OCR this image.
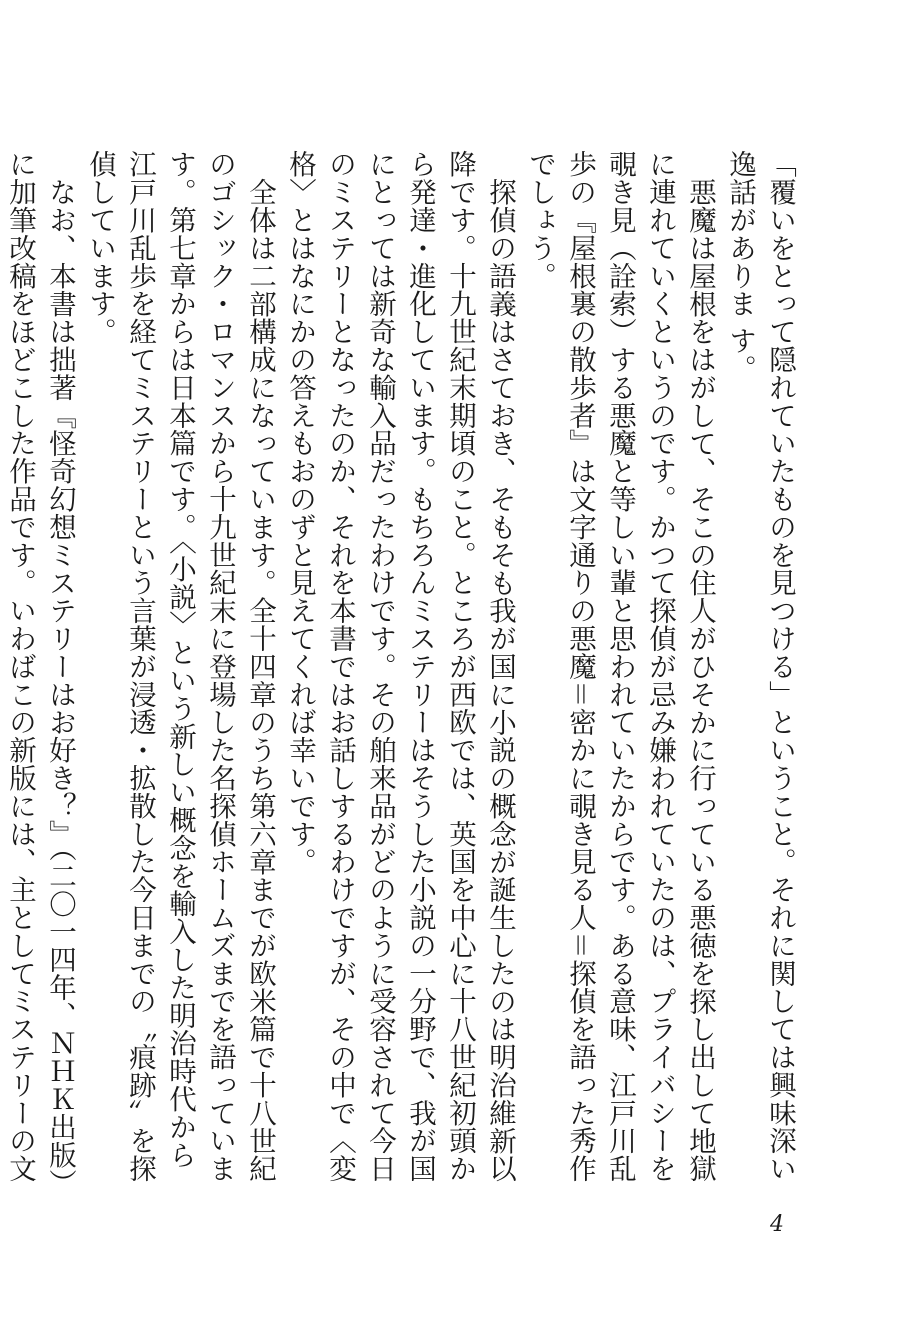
「覆いをとって隠れていたものを見つける」ということ。それに関しては興味深い逸話がありま す。

悪魔は屋根をはがして、そこの住人がひそかに行っている悪徳を探し出して地獄に連れていくというのです。かつて探偵が忌み嫌われていたのは、プライバシーを覗き見（詮索）する悪魔と等しい輩と思われていたからです。ある意味、江戸川乱歩の『屋根裏の散歩者』は文字通りの悪魔＝密かに覗き見る人＝探偵を語った秀作でしょう。

探偵の語義はさておき、そもそも我が国に小説の概念が誕生したのは明治維新以降です。十九世紀末期頃のこと。ところが西欧では、英国を中心に十八世紀初頭から発達・進化しています。もちろんミステリーはそうした小説の一分野で、我が国にとっては新奇な輸入品だったわけです。その舶来品がどのように受容されて今日のミステリーとなったのか、それを本書ではお話しするわけですが、その中で〈変格〉とはなにかの答えもおのずと見えてくれば幸いです。

全体は二部構成になっています。全十四章のうち第六章までが欧米篇で十八世紀のゴシック・ロマンスから十九世紀末に登場した名探偵ホームズまでを語っています。第七章からは日本篇です。〈小説〉という新しい概念を輸入した明治時代から江戸川乱歩を経てミステリーという言葉が浸透・拡散した今日までの〝痕跡〟を探偵しています。

なお、本書は拙著『怪奇幻想ミステリーはお好き？』（二〇一四年、ＮＨＫ出版）に加筆改稿をほどこした作品です。いわばこの新版には、主としてミステリーの文

4
